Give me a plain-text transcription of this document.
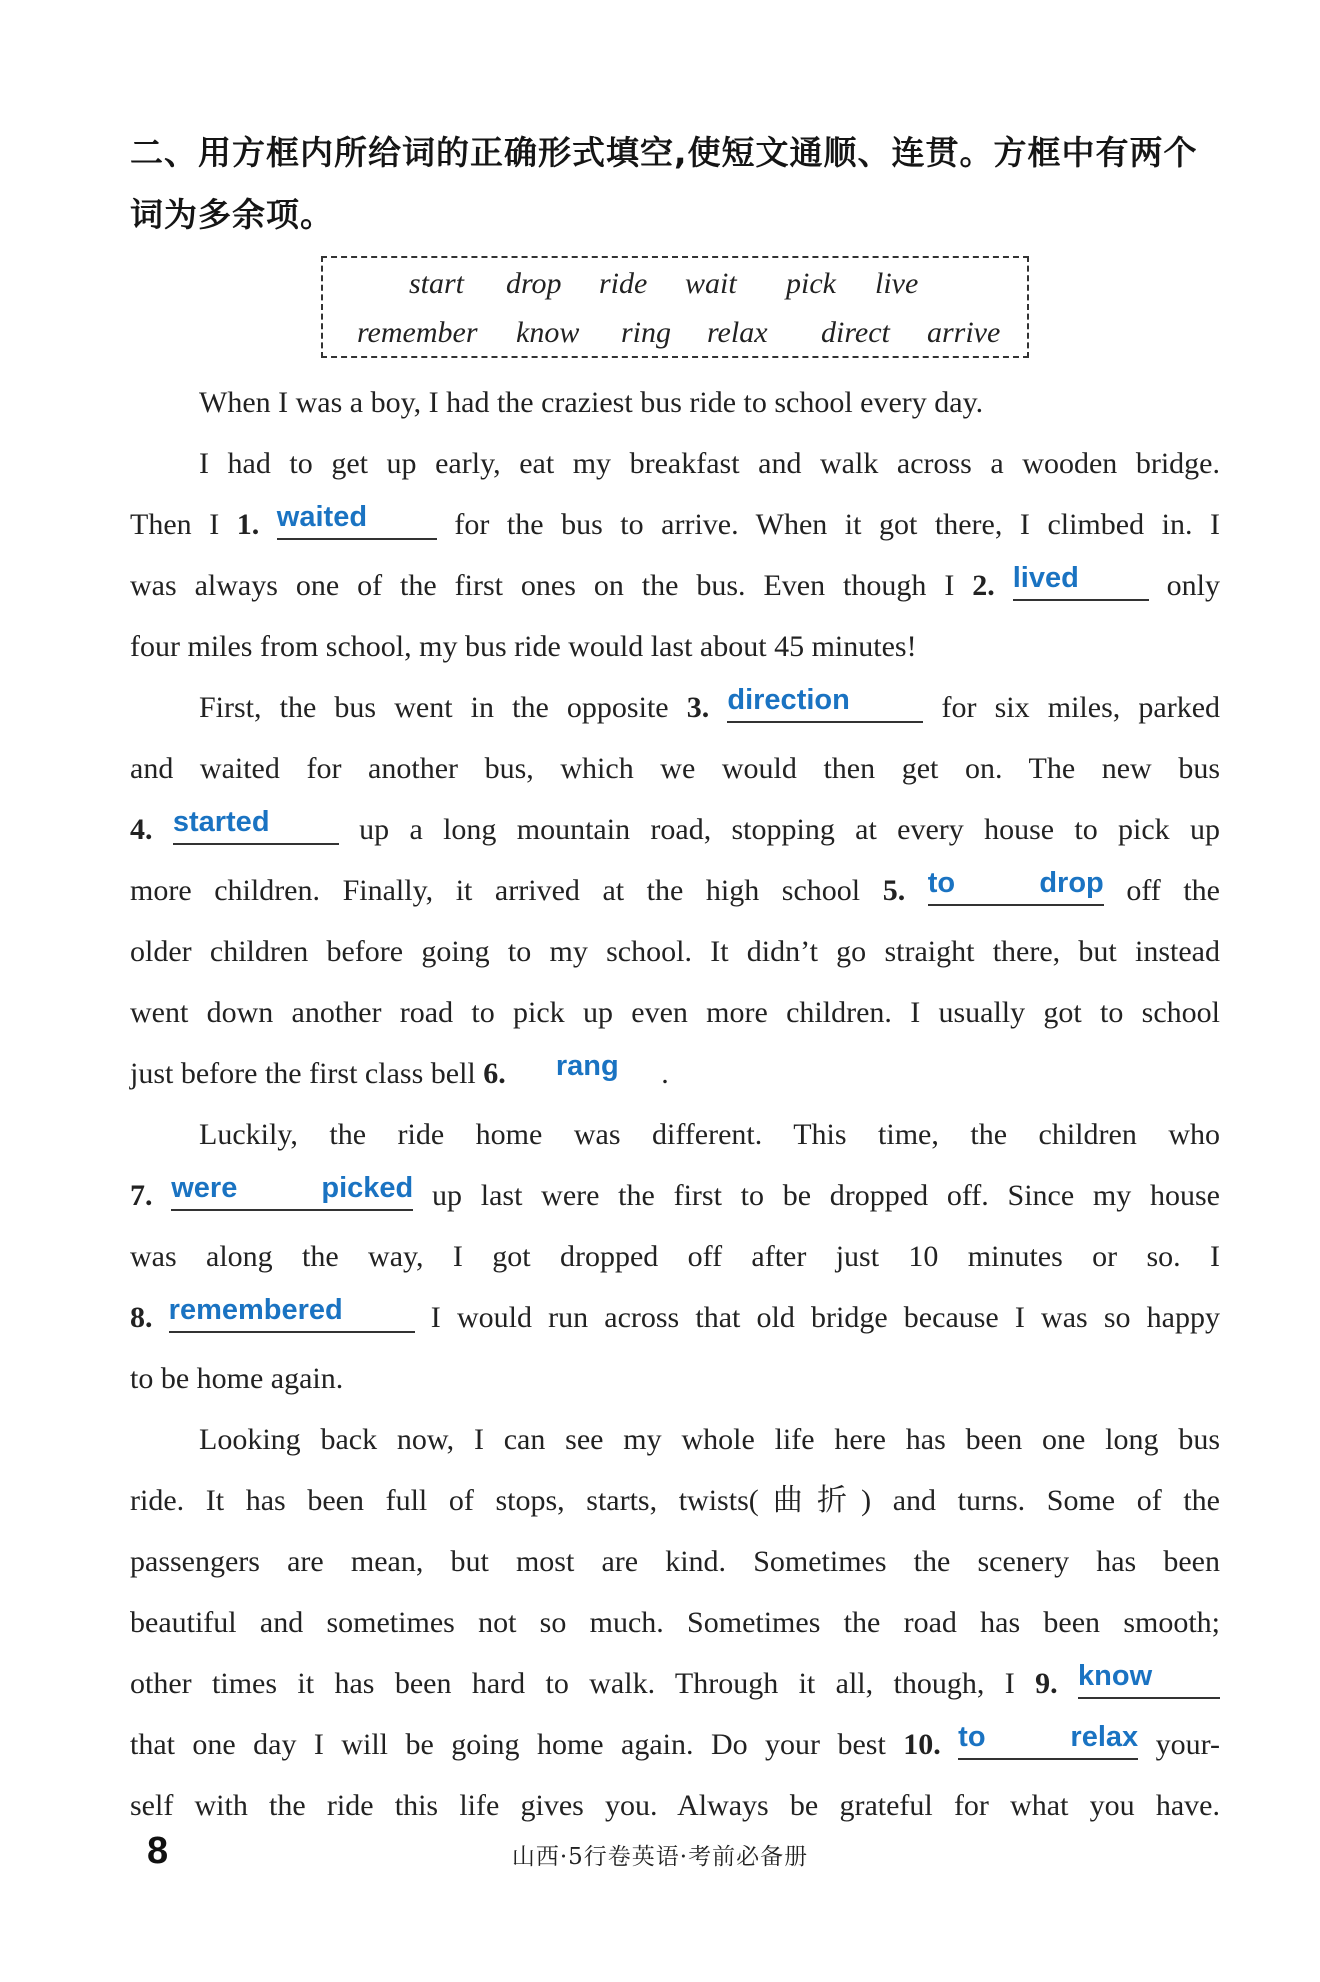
二、用方框内所给词的正确形式填空,使短文通顺、连贯。方框中有两个词为多余项。
start drop ride wait pick live
remember know ring relax direct arrive
When I was a boy, I had the craziest bus ride to school every day.
I had to get up early, eat my breakfast and walk across a wooden bridge.
Then I 1. waited	for the bus to arrive. When it got there, I climbed in. I
was always one of the first ones on the bus. Even though I 2. lived	only
four miles from school, my bus ride would last about 45 minutes!
First, the bus went in the opposite 3. direction	for six miles, parked
and waited for another bus, which we would then get on. The new bus
4. started	up a long mountain road, stopping at every house to pick up
more children. Finally, it arrived at the high school 5. to drop off the
older children before going to my school. It didn’t go straight there, but instead
went down another road to pick up even more children. I usually got to school
just before the first class bell 6.	rang	.
Luckily, the ride home was different. This time, the children who
7. were picked up last were the first to be dropped off. Since my house
was along the way, I got dropped off after just 10 minutes or so. I
8. remembered	I would run across that old bridge because I was so happy
to be home again.
Looking back now, I can see my whole life here has been one long bus
ride. It has been full of stops, starts, twists(曲折) and turns. Some of the
passengers are mean, but most are kind. Sometimes the scenery has been
beautiful and sometimes not so much. Sometimes the road has been smooth;
other times it has been hard to walk. Through it all, though, I 9. know
that one day I will be going home again. Do your best 10. to relax your-
self with the ride this life gives you. Always be grateful for what you have.
8	山西·5行卷英语·考前必备册
